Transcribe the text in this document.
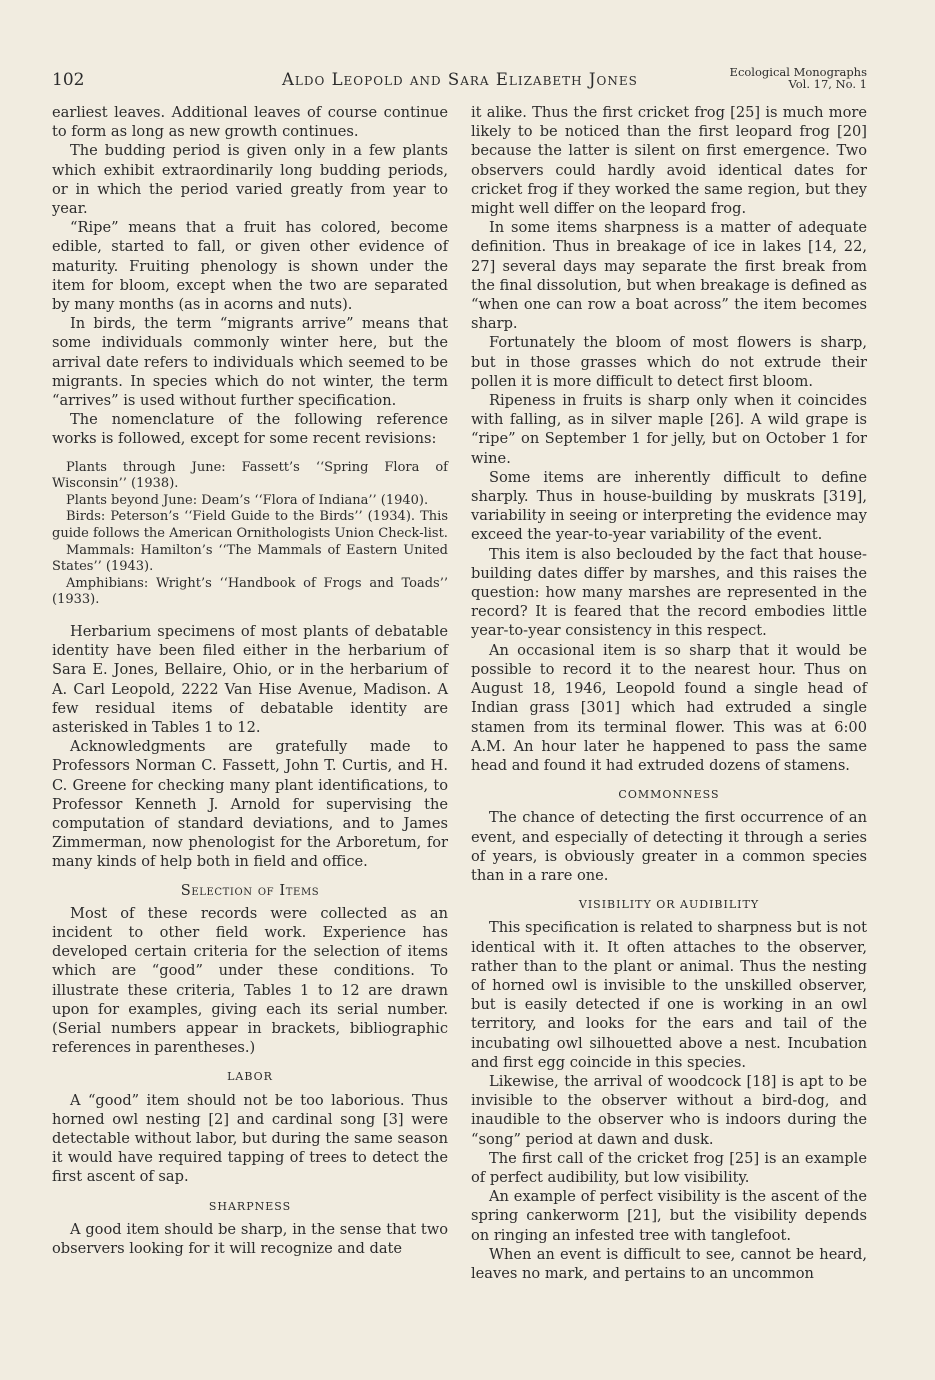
102	Aldo Leopold and Sara Elizabeth Jones	Ecological Monographs
Vol. 17, No. 1

earliest leaves. Additional leaves of course continue to form as long as new growth continues.

The budding period is given only in a few plants which exhibit extraordinarily long budding periods, or in which the period varied greatly from year to year.

“Ripe” means that a fruit has colored, become edible, started to fall, or given other evidence of maturity. Fruiting phenology is shown under the item for bloom, except when the two are separated by many months (as in acorns and nuts).

In birds, the term “migrants arrive” means that some individuals commonly winter here, but the arrival date refers to individuals which seemed to be migrants. In species which do not winter, the term “arrives” is used without further specification.

The nomenclature of the following reference works is followed, except for some recent revisions:

Plants through June: Fassett’s ‘‘Spring Flora of Wisconsin’’ (1938).

Plants beyond June: Deam’s ‘‘Flora of Indiana’’ (1940).

Birds: Peterson’s ‘‘Field Guide to the Birds’’ (1934). This guide follows the American Ornithologists Union Check-list.

Mammals: Hamilton’s ‘‘The Mammals of Eastern United States’’ (1943).

Amphibians: Wright’s ‘‘Handbook of Frogs and Toads’’ (1933).

Herbarium specimens of most plants of debatable identity have been filed either in the herbarium of Sara E. Jones, Bellaire, Ohio, or in the herbarium of A. Carl Leopold, 2222 Van Hise Avenue, Madison. A few residual items of debatable identity are asterisked in Tables 1 to 12.

Acknowledgments are gratefully made to Professors Norman C. Fassett, John T. Curtis, and H. C. Greene for checking many plant identifications, to Professor Kenneth J. Arnold for supervising the computation of standard deviations, and to James Zimmerman, now phenologist for the Arboretum, for many kinds of help both in field and office.

Selection of Items

Most of these records were collected as an incident to other field work. Experience has developed certain criteria for the selection of items which are “good” under these conditions. To illustrate these criteria, Tables 1 to 12 are drawn upon for examples, giving each its serial number. (Serial numbers appear in brackets, bibliographic references in parentheses.)

LABOR

A “good” item should not be too laborious. Thus horned owl nesting [2] and cardinal song [3] were detectable without labor, but during the same season it would have required tapping of trees to detect the first ascent of sap.

SHARPNESS

A good item should be sharp, in the sense that two observers looking for it will recognize and date

it alike. Thus the first cricket frog [25] is much more likely to be noticed than the first leopard frog [20] because the latter is silent on first emergence. Two observers could hardly avoid identical dates for cricket frog if they worked the same region, but they might well differ on the leopard frog.

In some items sharpness is a matter of adequate definition. Thus in breakage of ice in lakes [14, 22, 27] several days may separate the first break from the final dissolution, but when breakage is defined as “when one can row a boat across” the item becomes sharp.

Fortunately the bloom of most flowers is sharp, but in those grasses which do not extrude their pollen it is more difficult to detect first bloom.

Ripeness in fruits is sharp only when it coincides with falling, as in silver maple [26]. A wild grape is “ripe” on September 1 for jelly, but on October 1 for wine.

Some items are inherently difficult to define sharply. Thus in house-building by muskrats [319], variability in seeing or interpreting the evidence may exceed the year-to-year variability of the event.

This item is also beclouded by the fact that house-building dates differ by marshes, and this raises the question: how many marshes are represented in the record? It is feared that the record embodies little year-to-year consistency in this respect.

An occasional item is so sharp that it would be possible to record it to the nearest hour. Thus on August 18, 1946, Leopold found a single head of Indian grass [301] which had extruded a single stamen from its terminal flower. This was at 6:00 A.M. An hour later he happened to pass the same head and found it had extruded dozens of stamens.

COMMONNESS

The chance of detecting the first occurrence of an event, and especially of detecting it through a series of years, is obviously greater in a common species than in a rare one.

VISIBILITY OR AUDIBILITY

This specification is related to sharpness but is not identical with it. It often attaches to the observer, rather than to the plant or animal. Thus the nesting of horned owl is invisible to the unskilled observer, but is easily detected if one is working in an owl territory, and looks for the ears and tail of the incubating owl silhouetted above a nest. Incubation and first egg coincide in this species.

Likewise, the arrival of woodcock [18] is apt to be invisible to the observer without a bird-dog, and inaudible to the observer who is indoors during the “song” period at dawn and dusk.

The first call of the cricket frog [25] is an example of perfect audibility, but low visibility.

An example of perfect visibility is the ascent of the spring cankerworm [21], but the visibility depends on ringing an infested tree with tanglefoot.

When an event is difficult to see, cannot be heard, leaves no mark, and pertains to an uncommon
